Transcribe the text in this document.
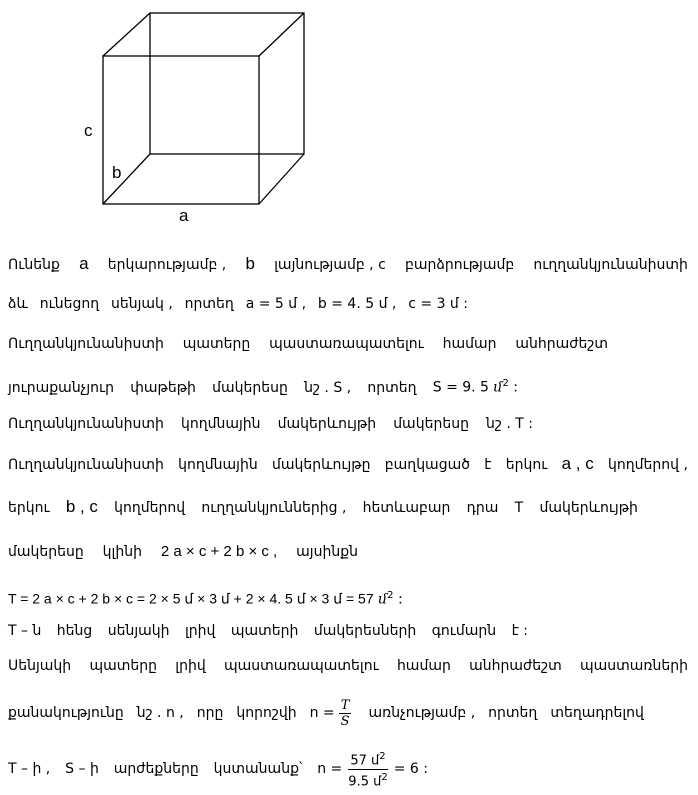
c
b
a
Ունենք a երկարությամբ , b լայնությամբ , c բարձրությամբ ուղղանկյունանիստի
ձև ունեցող սենյակ , որտեղ a = 5 մ , b = 4. 5 մ , c = 3 մ :
Ուղղանկյունանիստի պատերը պաստառապատելու համար անհրաժեշտ
յուրաքանչյուր փաթեթի մակերեսը նշ . S , որտեղ S = 9. 5 մ$^2$ :
Ուղղանկյունանիստի կողմնային մակերևույթի մակերեսը նշ . T :
Ուղղանկյունանիստի կողմնային մակերևույթը բաղկացած է երկու a , c կողմերով ,
երկու b , c կողմերով ուղղանկյուններից , հետևաբար դրա T մակերևույթի
մակերեսը կլինի 2 a × c + 2 b × c , այսինքն
T = 2 a × c + 2 b × c = 2 × 5 մ × 3 մ + 2 × 4. 5 մ × 3 մ = 57 մ$^2$ :
T – ն հենց սենյակի լրիվ պատերի մակերեսների գումարն է :
Սենյակի պատերը լրիվ պաստառապատելու համար անհրաժեշտ պաստառների
քանակությունը նշ . n , որը կորոշվի $n = \frac{T}{S}$ առնչությամբ , որտեղ տեղադրելով
T – ի , S – ի արժեքները կստանանք՝ $n = \frac{57 մ^2}{9.5 մ^2} = 6$ :
